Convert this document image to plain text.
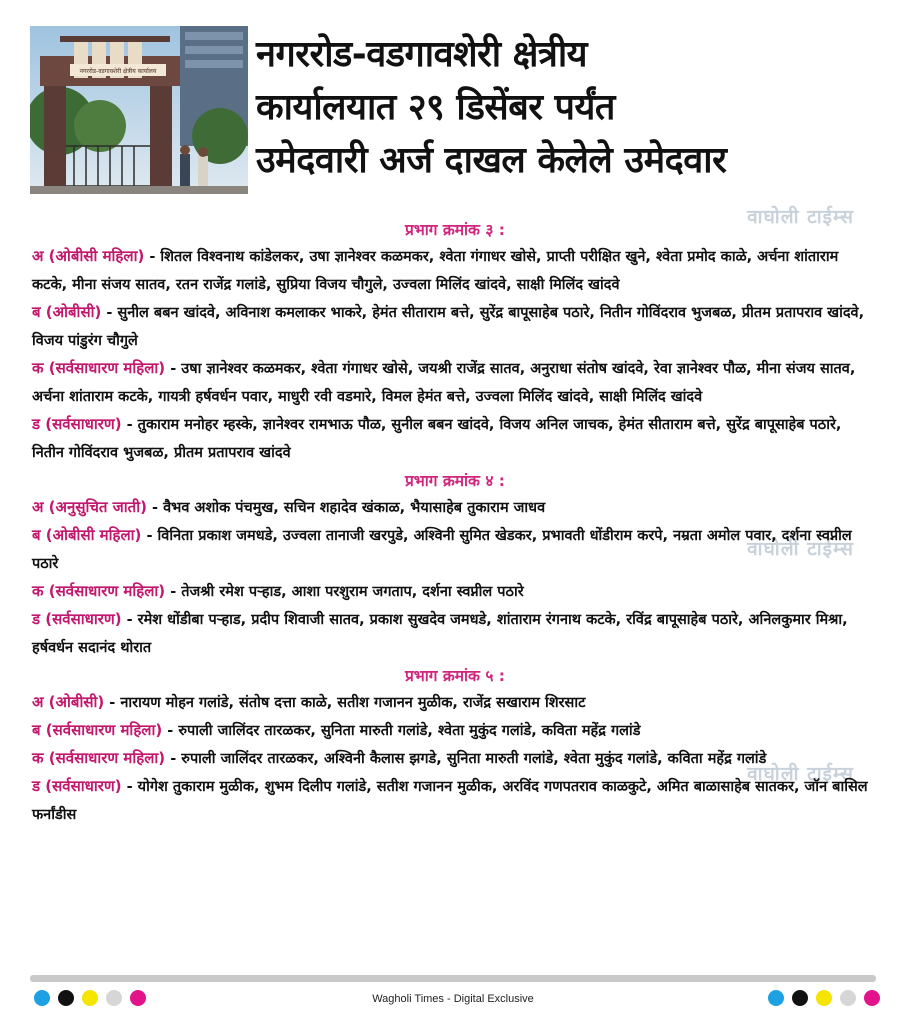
नगररोड-वडगावशेरी क्षेत्रीय कार्यालय	नगररोड-वडगावशेरी क्षेत्रीय
कार्यालयात २९ डिसेंबर पर्यंत
उमेदवारी अर्ज दाखल केलेले उमेदवार
वाघोली टाईम्स
वाघोली टाईम्स
वाघोली टाईम्स
प्रभाग क्रमांक ३ :

अ (ओबीसी महिला) - शितल विश्वनाथ कांडेलकर, उषा ज्ञानेश्वर कळमकर, श्वेता गंगाधर खोसे, प्राप्ती परीक्षित खुने, श्वेता प्रमोद काळे, अर्चना शांताराम कटके, मीना संजय सातव, रतन राजेंद्र गलांडे, सुप्रिया विजय चौगुले, उज्वला मिलिंद खांदवे, साक्षी मिलिंद खांदवे

ब (ओबीसी) - सुनील बबन खांदवे, अविनाश कमलाकर भाकरे, हेमंत सीताराम बत्ते, सुरेंद्र बापूसाहेब पठारे, नितीन गोविंदराव भुजबळ, प्रीतम प्रतापराव खांदवे, विजय पांडुरंग चौगुले

क (सर्वसाधारण महिला) - उषा ज्ञानेश्वर कळमकर, श्वेता गंगाधर खोसे, जयश्री राजेंद्र सातव, अनुराधा संतोष खांदवे, रेवा ज्ञानेश्वर पौळ, मीना संजय सातव, अर्चना शांताराम कटके, गायत्री हर्षवर्धन पवार, माधुरी रवी वडमारे, विमल हेमंत बत्ते, उज्वला मिलिंद खांदवे, साक्षी मिलिंद खांदवे

ड (सर्वसाधारण) - तुकाराम मनोहर म्हस्के, ज्ञानेश्वर रामभाऊ पौळ, सुनील बबन खांदवे, विजय अनिल जाचक, हेमंत सीताराम बत्ते, सुरेंद्र बापूसाहेब पठारे, नितीन गोविंदराव भुजबळ, प्रीतम प्रतापराव खांदवे

प्रभाग क्रमांक ४ :

अ (अनुसुचित जाती) - वैभव अशोक पंचमुख, सचिन शहादेव खंकाळ, भैयासाहेब तुकाराम जाधव

ब (ओबीसी महिला) - विनिता प्रकाश जमधडे, उज्वला तानाजी खरपुडे, अश्विनी सुमित खेडकर, प्रभावती धोंडीराम करपे, नम्रता अमोल पवार, दर्शना स्वप्नील पठारे

क (सर्वसाधारण महिला) - तेजश्री रमेश पऱ्हाड, आशा परशुराम जगताप, दर्शना स्वप्नील पठारे

ड (सर्वसाधारण) - रमेश धोंडीबा पऱ्हाड, प्रदीप शिवाजी सातव, प्रकाश सुखदेव जमधडे, शांताराम रंगनाथ कटके, रविंद्र बापूसाहेब पठारे, अनिलकुमार मिश्रा, हर्षवर्धन सदानंद थोरात

प्रभाग क्रमांक ५ :

अ (ओबीसी) - नारायण मोहन गलांडे, संतोष दत्ता काळे, सतीश गजानन मुळीक, राजेंद्र सखाराम शिरसाट

ब (सर्वसाधारण महिला) - रुपाली जालिंदर तारळकर, सुनिता मारुती गलांडे, श्वेता मुकुंद गलांडे, कविता महेंद्र गलांडे

क (सर्वसाधारण महिला) - रुपाली जालिंदर तारळकर, अश्विनी कैलास झगडे, सुनिता मारुती गलांडे, श्वेता मुकुंद गलांडे, कविता महेंद्र गलांडे

ड (सर्वसाधारण) - योगेश तुकाराम मुळीक, शुभम दिलीप गलांडे, सतीश गजानन मुळीक, अरविंद गणपतराव काळकुटे, अमित बाळासाहेब सातकर, जॉन बासिल फर्नांडीस

Wagholi Times - Digital Exclusive
